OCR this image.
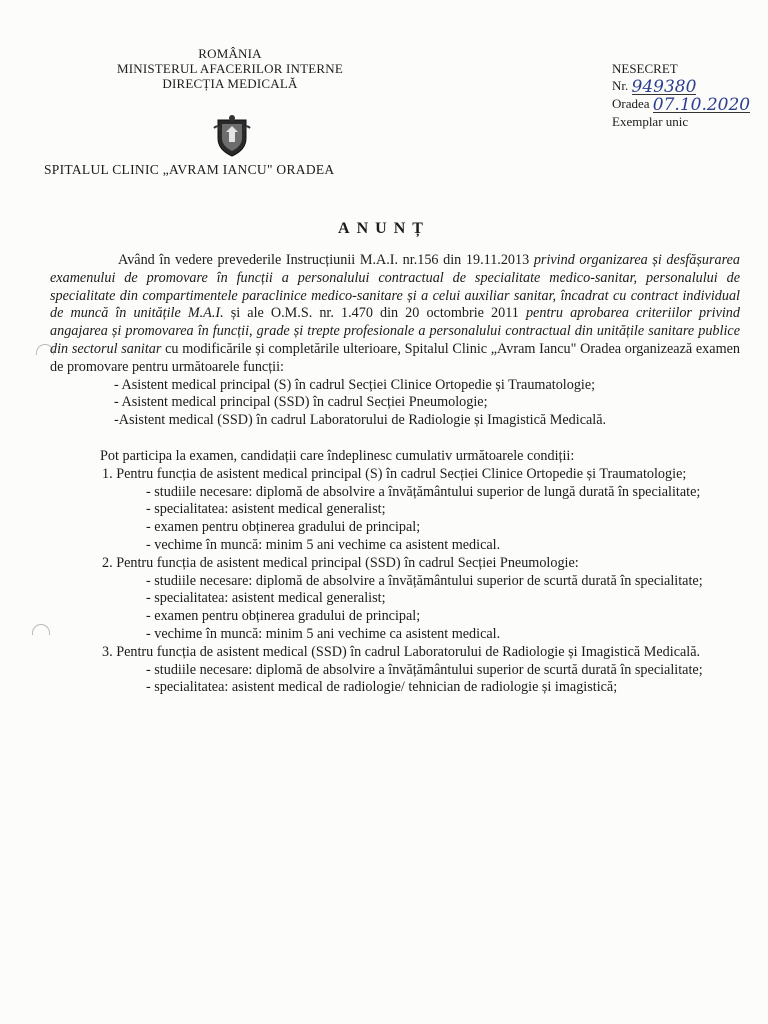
ROMÂNIA
MINISTERUL AFACERILOR INTERNE
DIRECȚIA MEDICALĂ
SPITALUL CLINIC „AVRAM IANCU" ORADEA
NESECRET
Nr. 949380
Oradea 07.10.2020
Exemplar unic
ANUNȚ

Având în vedere prevederile Instrucțiunii M.A.I. nr.156 din 19.11.2013 privind organizarea și desfășurarea examenului de promovare în funcții a personalului contractual de specialitate medico-sanitar, personalului de specialitate din compartimentele paraclinice medico-sanitare și a celui auxiliar sanitar, încadrat cu contract individual de muncă în unitățile M.A.I. și ale O.M.S. nr. 1.470 din 20 octombrie 2011 pentru aprobarea criteriilor privind angajarea și promovarea în funcții, grade și trepte profesionale a personalului contractual din unitățile sanitare publice din sectorul sanitar cu modificările și completările ulterioare, Spitalul Clinic „Avram Iancu" Oradea organizează examen de promovare pentru următoarele funcții:

- Asistent medical principal (S) în cadrul Secției Clinice Ortopedie și Traumatologie;
- Asistent medical principal (SSD) în cadrul Secției Pneumologie;
-Asistent medical (SSD) în cadrul Laboratorului de Radiologie și Imagistică Medicală.

Pot participa la examen, candidații care îndeplinesc cumulativ următoarele condiții:

1. Pentru funcția de asistent medical principal (S) în cadrul Secției Clinice Ortopedie și Traumatologie;

- studiile necesare: diplomă de absolvire a învățământului superior de lungă durată în specialitate;
- specialitatea: asistent medical generalist;
- examen pentru obținerea gradului de principal;
- vechime în muncă: minim 5 ani vechime ca asistent medical.

2. Pentru funcția de asistent medical principal (SSD) în cadrul Secției Pneumologie:

- studiile necesare: diplomă de absolvire a învățământului superior de scurtă durată în specialitate;
- specialitatea: asistent medical generalist;
- examen pentru obținerea gradului de principal;
- vechime în muncă: minim 5 ani vechime ca asistent medical.

3. Pentru funcția de asistent medical (SSD) în cadrul Laboratorului de Radiologie și Imagistică Medicală.

- studiile necesare: diplomă de absolvire a învățământului superior de scurtă durată în specialitate;
- specialitatea: asistent medical de radiologie/ tehnician de radiologie și imagistică;
